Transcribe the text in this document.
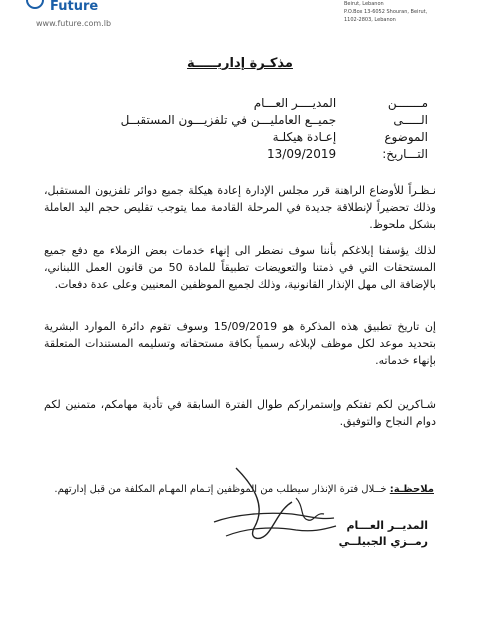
Future
www.future.com.lb
Beirut, Lebanon
P.O.Box 13-6052 Shouran, Beirut,
1102-2803, Lebanon
مذكـرة إداريـــــة
مـــــــن المديــــر العـــام
الـــــى جميــع العامليـــن في تلفزيـــون المستقبــل
الموضوع إعـادة هيكلـة
التـــاريخ: 13/09/2019
نـظـراً للأوضاع الراهنة قرر مجلس الإدارة إعادة هيكلة جميع دوائر تلفزيون المستقبل، وذلك تحضيراً لإنطلاقة جديدة في المرحلة القادمة مما يتوجب تقليص حجم اليد العاملة بشكل ملحوظ.
لذلك يؤسفنا إبلاغكم بأننا سوف نضطر الى إنهاء خدمات بعض الزملاء مع دفع جميع المستحقات التي في ذمتنا والتعويضات تطبيقاً للمادة 50 من قانون العمل اللبناني، بالإضافة الى مهل الإنذار القانونية، وذلك لجميع الموظفين المعنيين وعلى عدة دفعات.
إن تاريخ تطبيق هذه المذكرة هو 15/09/2019 وسوف تقوم دائرة الموارد البشرية بتحديد موعد لكل موظف لإبلاغه رسمياً بكافة مستحقاته وتسليمه المستندات المتعلقة بإنهاء خدماته.
شـاكرين لكم تفتكم وإستمراركم طوال الفترة السابقة في تأدية مهامكم، متمنين لكم دوام النجاح والتوفيق.
ملاحظـة: خــلال فترة الإنذار سيطلب من الموظفين إتـمام المهـام المكلفة من قبل إدارتهم.
المديــر العـــام
رمــزي الجبيلــي
